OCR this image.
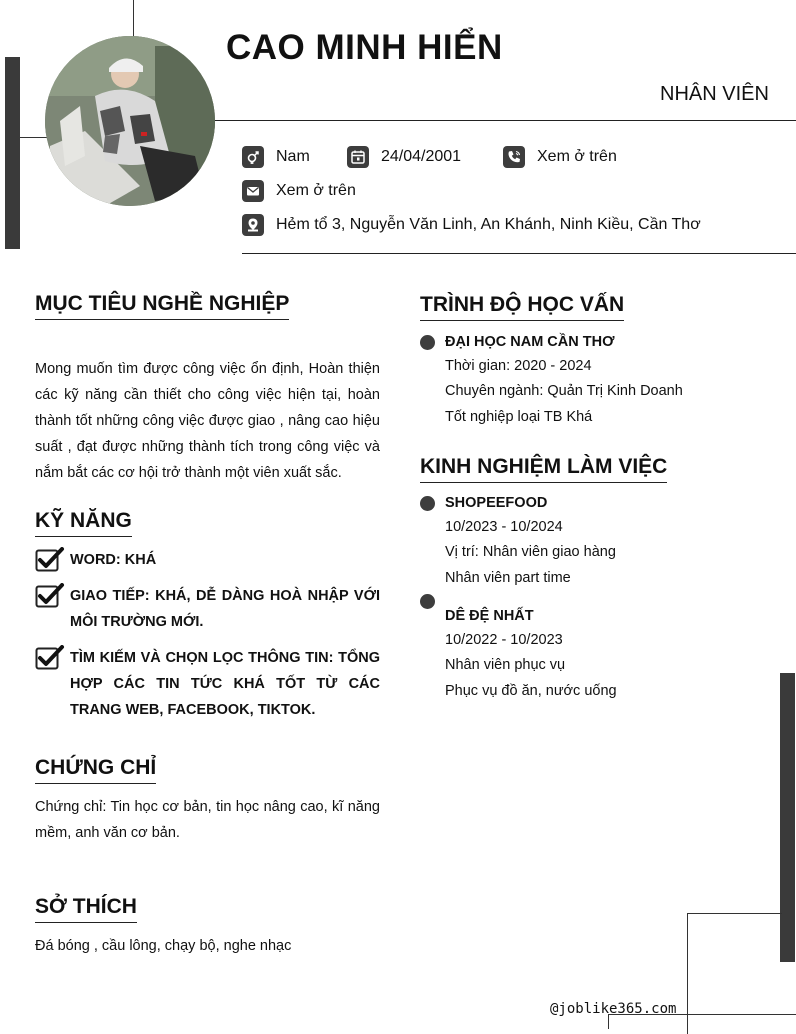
CAO MINH HIỂN
NHÂN VIÊN
Nam	24/04/2001	Xem ở trên
Xem ở trên
Hẻm tổ 3, Nguyễn Văn Linh, An Khánh, Ninh Kiều, Cần Thơ
MỤC TIÊU NGHỀ NGHIỆP
Mong muốn tìm được công việc ổn định, Hoàn thiện các kỹ năng cần thiết cho công việc hiện tại, hoàn thành tốt những công việc được giao , nâng cao hiệu suất , đạt được những thành tích trong công việc và nắm bắt các cơ hội trở thành một viên xuất sắc.
KỸ NĂNG
WORD: KHÁ
GIAO TIẾP: KHÁ, DỄ DÀNG HOÀ NHẬP VỚI MÔI TRƯỜNG MỚI.
TÌM KIẾM VÀ CHỌN LỌC THÔNG TIN: TỔNG HỢP CÁC TIN TỨC KHÁ TỐT TỪ CÁC TRANG WEB, FACEBOOK, TIKTOK.
CHỨNG CHỈ
Chứng chỉ: Tin học cơ bản, tin học nâng cao, kĩ năng mềm, anh văn cơ bản.
SỞ THÍCH
Đá bóng , cầu lông, chạy bộ, nghe nhạc
TRÌNH ĐỘ HỌC VẤN
ĐẠI HỌC NAM CẦN THƠ
Thời gian: 2020 - 2024
Chuyên ngành: Quản Trị Kinh Doanh
Tốt nghiệp loại TB Khá
KINH NGHIỆM LÀM VIỆC
SHOPEEFOOD
10/2023 - 10/2024
Vị trí: Nhân viên giao hàng
Nhân viên part time
DÊ ĐỆ NHẤT
10/2022 - 10/2023
Nhân viên phục vụ
Phục vụ đồ ăn, nước uống
@joblike365.com
